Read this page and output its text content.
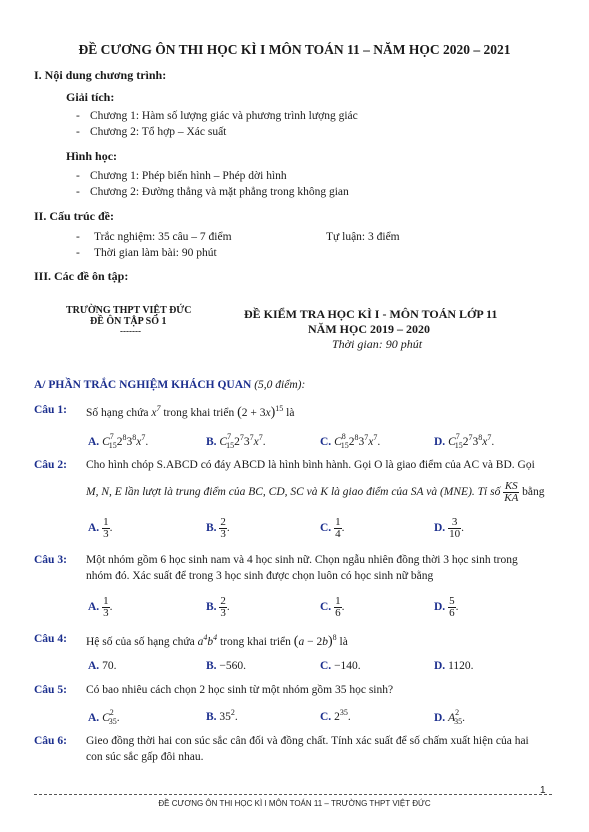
ĐỀ CƯƠNG ÔN THI HỌC KÌ I MÔN TOÁN 11 – NĂM HỌC 2020 – 2021
I. Nội dung chương trình:
Giải tích:
- Chương 1: Hàm số lượng giác và phương trình lượng giác
- Chương 2: Tổ hợp – Xác suất
Hình học:
- Chương 1: Phép biến hình – Phép dời hình
- Chương 2: Đường thẳng và mặt phẳng trong không gian
II. Cấu trúc đề:
- Trắc nghiệm: 35 câu – 7 điểm	Tự luận: 3 điểm
- Thời gian làm bài: 90 phút
III. Các đề ôn tập:
TRƯỜNG THPT VIỆT ĐỨC
ĐỀ ÔN TẬP SỐ 1
-------
ĐỀ KIỂM TRA HỌC KÌ I - MÔN TOÁN LỚP 11
NĂM HỌC 2019 – 2020
Thời gian: 90 phút
A/ PHẦN TRẮC NGHIỆM KHÁCH QUAN (5,0 điểm):
Câu 1: Số hạng chứa $x^7$ trong khai triển $(2 + 3x)^{15}$ là
A. $C^7_{15}2^83^8x^7$.	B. $C^7_{15}2^73^7x^7$.	C. $C^8_{15}2^83^7x^7$.	D. $C^7_{15}2^73^8x^7$.
Câu 2: Cho hình chóp S.ABCD có đáy ABCD là hình bình hành. Gọi O là giao điểm của AC và BD. Gọi
M, N, E lần lượt là trung điểm của BC, CD, SC và K là giao điểm của SA và (MNE). Tỉ số $\frac{KS}{KA}$ bằng
A. $\frac{1}{3}$ .	B. $\frac{2}{3}$ .	C. $\frac{1}{4}$ .	D. $\frac{3}{10}$ .
Câu 3: Một nhóm gồm 6 học sinh nam và 4 học sinh nữ. Chọn ngẫu nhiên đồng thời 3 học sinh trong
nhóm đó. Xác suất để trong 3 học sinh được chọn luôn có học sinh nữ bằng
A. $\frac{1}{3}$ .	B. $\frac{2}{3}$ .	C. $\frac{1}{6}$ .	D. $\frac{5}{6}$ .
Câu 4: Hệ số của số hạng chứa $a^4b^4$ trong khai triển $(a - 2b)^8$ là
A. 70.	B. −560.	C. −140.	D. 1120.
Câu 5: Có bao nhiêu cách chọn 2 học sinh từ một nhóm gồm 35 học sinh?
A. $C^2_{35}$.	B. $35^2$.	C. $2^{35}$.	D. $A^2_{35}$.
Câu 6: Gieo đồng thời hai con súc sắc cân đối và đồng chất. Tính xác suất để số chấm xuất hiện của hai
con súc sắc gấp đôi nhau.
1
ĐỀ CƯƠNG ÔN THI HỌC KÌ I MÔN TOÁN 11 – TRƯỜNG THPT VIỆT ĐỨC
